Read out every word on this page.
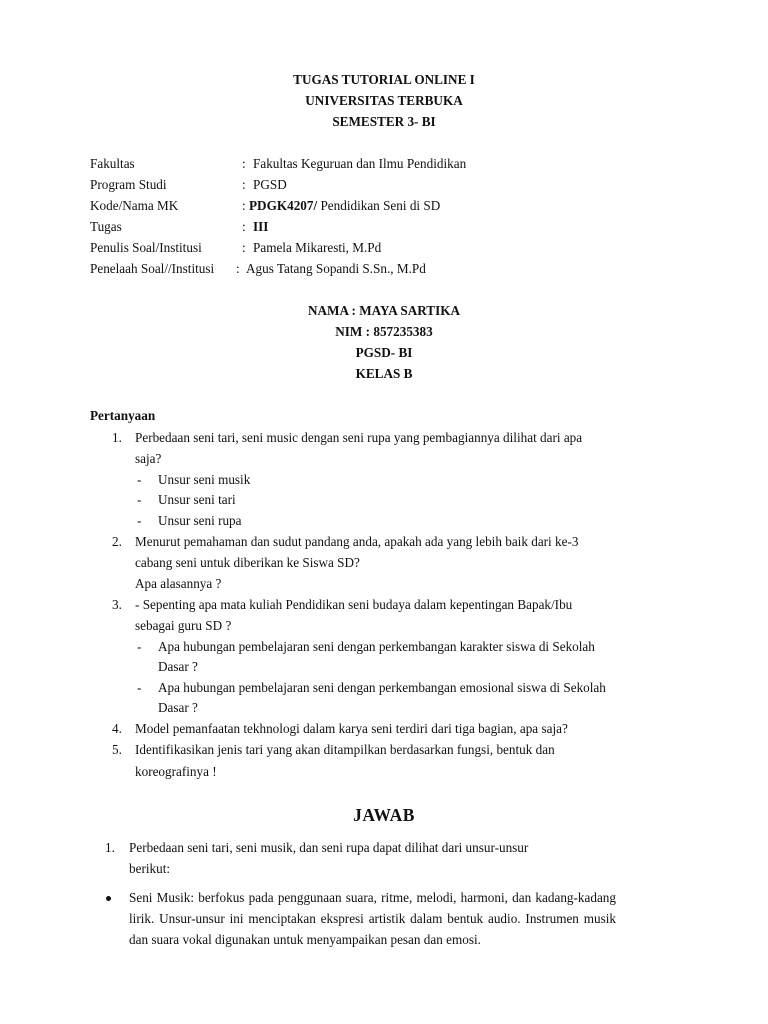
TUGAS TUTORIAL ONLINE I
UNIVERSITAS TERBUKA
SEMESTER 3- BI
Fakultas	: Fakultas Keguruan dan Ilmu Pendidikan
Program Studi	: PGSD
Kode/Nama MK	: PDGK4207/ Pendidikan Seni di SD
Tugas	: III
Penulis Soal/Institusi	: Pamela Mikaresti, M.Pd
Penelaah Soal//Institusi : Agus Tatang Sopandi S.Sn., M.Pd
NAMA : MAYA SARTIKA
NIM : 857235383
PGSD- BI
KELAS B
Pertanyaan
1. Perbedaan seni tari, seni music dengan seni rupa yang pembagiannya dilihat dari apa
saja?
- Unsur seni musik
- Unsur seni tari
- Unsur seni rupa
2. Menurut pemahaman dan sudut pandang anda, apakah ada yang lebih baik dari ke-3
cabang seni untuk diberikan ke Siswa SD?
Apa alasannya ?
3. - Sepenting apa mata kuliah Pendidikan seni budaya dalam kepentingan Bapak/Ibu
sebagai guru SD ?
- Apa hubungan pembelajaran seni dengan perkembangan karakter siswa di Sekolah
Dasar ?
- Apa hubungan pembelajaran seni dengan perkembangan emosional siswa di Sekolah
Dasar ?
4. Model pemanfaatan tekhnologi dalam karya seni terdiri dari tiga bagian, apa saja?
5. Identifikasikan jenis tari yang akan ditampilkan berdasarkan fungsi, bentuk dan
koreografinya !
JAWAB
1. Perbedaan seni tari, seni musik, dan seni rupa dapat dilihat dari unsur-unsur
berikut:
Seni Musik: berfokus pada penggunaan suara, ritme, melodi, harmoni, dan kadang-kadang lirik. Unsur-unsur ini menciptakan ekspresi artistik dalam bentuk audio. Instrumen musik dan suara vokal digunakan untuk menyampaikan pesan dan emosi.
